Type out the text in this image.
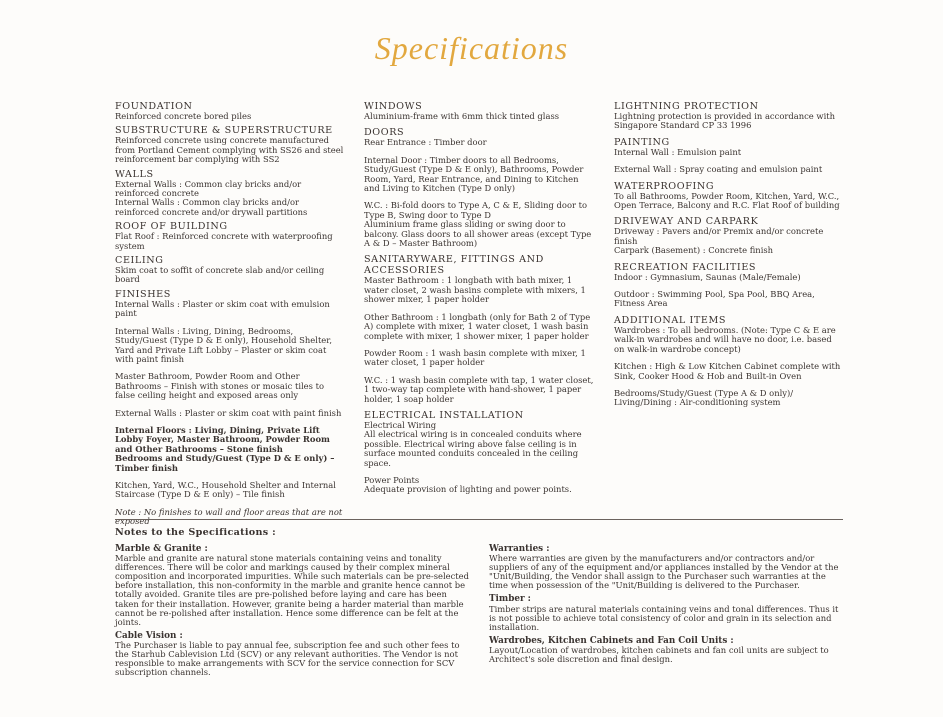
Specifications
FOUNDATION
Reinforced concrete bored piles
SUBSTRUCTURE & SUPERSTRUCTURE
Reinforced concrete using concrete manufactured from Portland Cement complying with SS26 and steel reinforcement bar complying with SS2
WALLS
External Walls : Common clay bricks and/or reinforced concrete
Internal Walls : Common clay bricks and/or reinforced concrete and/or drywall partitions
ROOF OF BUILDING
Flat Roof : Reinforced concrete with waterproofing system
CEILING
Skim coat to soffit of concrete slab and/or ceiling board
FINISHES
Internal Walls : Plaster or skim coat with emulsion paint
Internal Walls : Living, Dining, Bedrooms, Study/Guest (Type D & E only), Household Shelter, Yard and Private Lift Lobby – Plaster or skim coat with paint finish
Master Bathroom, Powder Room and Other Bathrooms – Finish with stones or mosaic tiles to false ceiling height and exposed areas only
External Walls : Plaster or skim coat with paint finish
Internal Floors : Living, Dining, Private Lift Lobby Foyer, Master Bathroom, Powder Room and Other Bathrooms – Stone finish
Bedrooms and Study/Guest (Type D & E only) – Timber finish
Kitchen, Yard, W.C., Household Shelter and Internal Staircase (Type D & E only) – Tile finish
Note : No finishes to wall and floor areas that are not exposed
WINDOWS
Aluminium-frame with 6mm thick tinted glass
DOORS
Rear Entrance : Timber door
Internal Door : Timber doors to all Bedrooms, Study/Guest (Type D & E only), Bathrooms, Powder Room, Yard, Rear Entrance, and Dining to Kitchen and Living to Kitchen (Type D only)
W.C. : Bi-fold doors to Type A, C & E, Sliding door to Type B, Swing door to Type D
Aluminium frame glass sliding or swing door to balcony. Glass doors to all shower areas (except Type A & D – Master Bathroom)
SANITARYWARE, FITTINGS AND ACCESSORIES
Master Bathroom : 1 longbath with bath mixer, 1 water closet, 2 wash basins complete with mixers, 1 shower mixer, 1 paper holder
Other Bathroom : 1 longbath (only for Bath 2 of Type A) complete with mixer, 1 water closet, 1 wash basin complete with mixer, 1 shower mixer, 1 paper holder
Powder Room : 1 wash basin complete with mixer, 1 water closet, 1 paper holder
W.C. : 1 wash basin complete with tap, 1 water closet, 1 two-way tap complete with hand-shower, 1 paper holder, 1 soap holder
ELECTRICAL INSTALLATION
Electrical Wiring
All electrical wiring is in concealed conduits where possible. Electrical wiring above false ceiling is in surface mounted conduits concealed in the ceiling space.
Power Points
Adequate provision of lighting and power points.
LIGHTNING PROTECTION
Lightning protection is provided in accordance with Singapore Standard CP 33 1996
PAINTING
Internal Wall : Emulsion paint
External Wall : Spray coating and emulsion paint
WATERPROOFING
To all Bathrooms, Powder Room, Kitchen, Yard, W.C., Open Terrace, Balcony and R.C. Flat Roof of building
DRIVEWAY AND CARPARK
Driveway : Pavers and/or Premix and/or concrete finish
Carpark (Basement) : Concrete finish
RECREATION FACILITIES
Indoor : Gymnasium, Saunas (Male/Female)
Outdoor : Swimming Pool, Spa Pool, BBQ Area, Fitness Area
ADDITIONAL ITEMS
Wardrobes : To all bedrooms. (Note: Type C & E are walk-in wardrobes and will have no door, i.e. based on walk-in wardrobe concept)
Kitchen : High & Low Kitchen Cabinet complete with Sink, Cooker Hood & Hob and Built-in Oven
Bedrooms/Study/Guest (Type A & D only)/ Living/Dining : Air-conditioning system
Notes to the Specifications :
Marble & Granite :
Marble and granite are natural stone materials containing veins and tonality differences. There will be color and markings caused by their complex mineral composition and incorporated impurities. While such materials can be pre-selected before installation, this non-conformity in the marble and granite hence cannot be totally avoided. Granite tiles are pre-polished before laying and care has been taken for their installation. However, granite being a harder material than marble cannot be re-polished after installation. Hence some difference can be felt at the joints.
Cable Vision :
The Purchaser is liable to pay annual fee, subscription fee and such other fees to the Starhub Cablevision Ltd (SCV) or any relevant authorities. The Vendor is not responsible to make arrangements with SCV for the service connection for SCV subscription channels.
Warranties :
Where warranties are given by the manufacturers and/or contractors and/or suppliers of any of the equipment and/or appliances installed by the Vendor at the "Unit/Building, the Vendor shall assign to the Purchaser such warranties at the time when possession of the "Unit/Building is delivered to the Purchaser.
Timber :
Timber strips are natural materials containing veins and tonal differences. Thus it is not possible to achieve total consistency of color and grain in its selection and installation.
Wardrobes, Kitchen Cabinets and Fan Coil Units :
Layout/Location of wardrobes, kitchen cabinets and fan coil units are subject to Architect's sole discretion and final design.
